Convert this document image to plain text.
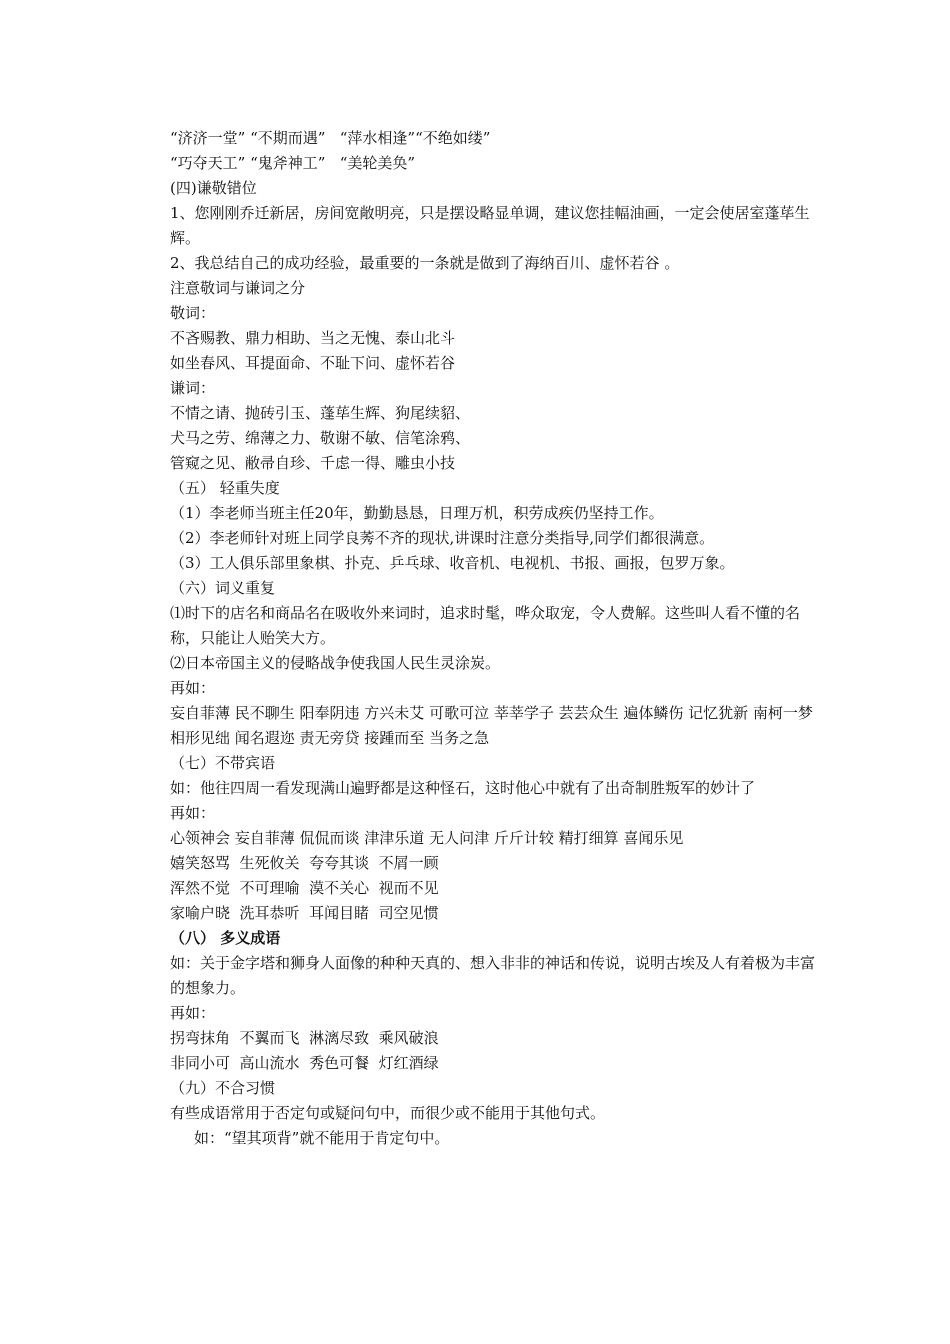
“济济一堂” “不期而遇”   “萍水相逢”“不绝如缕”

“巧夺天工” “鬼斧神工”   “美轮美奂”

(四)谦敬错位

1、您刚刚乔迁新居，房间宽敞明亮，只是摆设略显单调，建议您挂幅油画，一定会使居室蓬荜生辉。

2、我总结自己的成功经验，最重要的一条就是做到了海纳百川、虚怀若谷 。

注意敬词与谦词之分

敬词：

不吝赐教、鼎力相助、当之无愧、泰山北斗

如坐春风、耳提面命、不耻下问、虚怀若谷

谦词：

不情之请、抛砖引玉、蓬荜生辉、狗尾续貂、

犬马之劳、绵薄之力、敬谢不敏、信笔涂鸦、

管窥之见、敝帚自珍、千虑一得、雕虫小技

（五） 轻重失度

（1）李老师当班主任20年，勤勤恳恳，日理万机，积劳成疾仍坚持工作。

（2）李老师针对班上同学良莠不齐的现状,讲课时注意分类指导,同学们都很满意。

（3）工人俱乐部里象棋、扑克、乒乓球、收音机、电视机、书报、画报，包罗万象。

（六）词义重复

⑴时下的店名和商品名在吸收外来词时，追求时髦，哗众取宠，令人费解。这些叫人看不懂的名称，只能让人贻笑大方。

⑵日本帝国主义的侵略战争使我国人民生灵涂炭。

再如：

妄自菲薄 民不聊生 阳奉阴违 方兴未艾 可歌可泣 莘莘学子 芸芸众生 遍体鳞伤 记忆犹新 南柯一梦 相形见绌 闻名遐迩 责无旁贷 接踵而至 当务之急

（七）不带宾语

如：他往四周一看发现满山遍野都是这种怪石，这时他心中就有了出奇制胜叛军的妙计了

再如：

心领神会 妄自菲薄 侃侃而谈 津津乐道 无人问津 斤斤计较 精打细算 喜闻乐见

嬉笑怒骂  生死攸关  夸夸其谈  不屑一顾

浑然不觉  不可理喻  漠不关心  视而不见

家喻户晓  洗耳恭听  耳闻目睹  司空见惯

（八） 多义成语

如：关于金字塔和狮身人面像的种种天真的、想入非非的神话和传说，说明古埃及人有着极为丰富的想象力。

再如：

拐弯抹角  不翼而飞  淋漓尽致  乘风破浪

非同小可  高山流水  秀色可餐  灯红酒绿

（九）不合习惯

有些成语常用于否定句或疑问句中，而很少或不能用于其他句式。

如：“望其项背”就不能用于肯定句中。
